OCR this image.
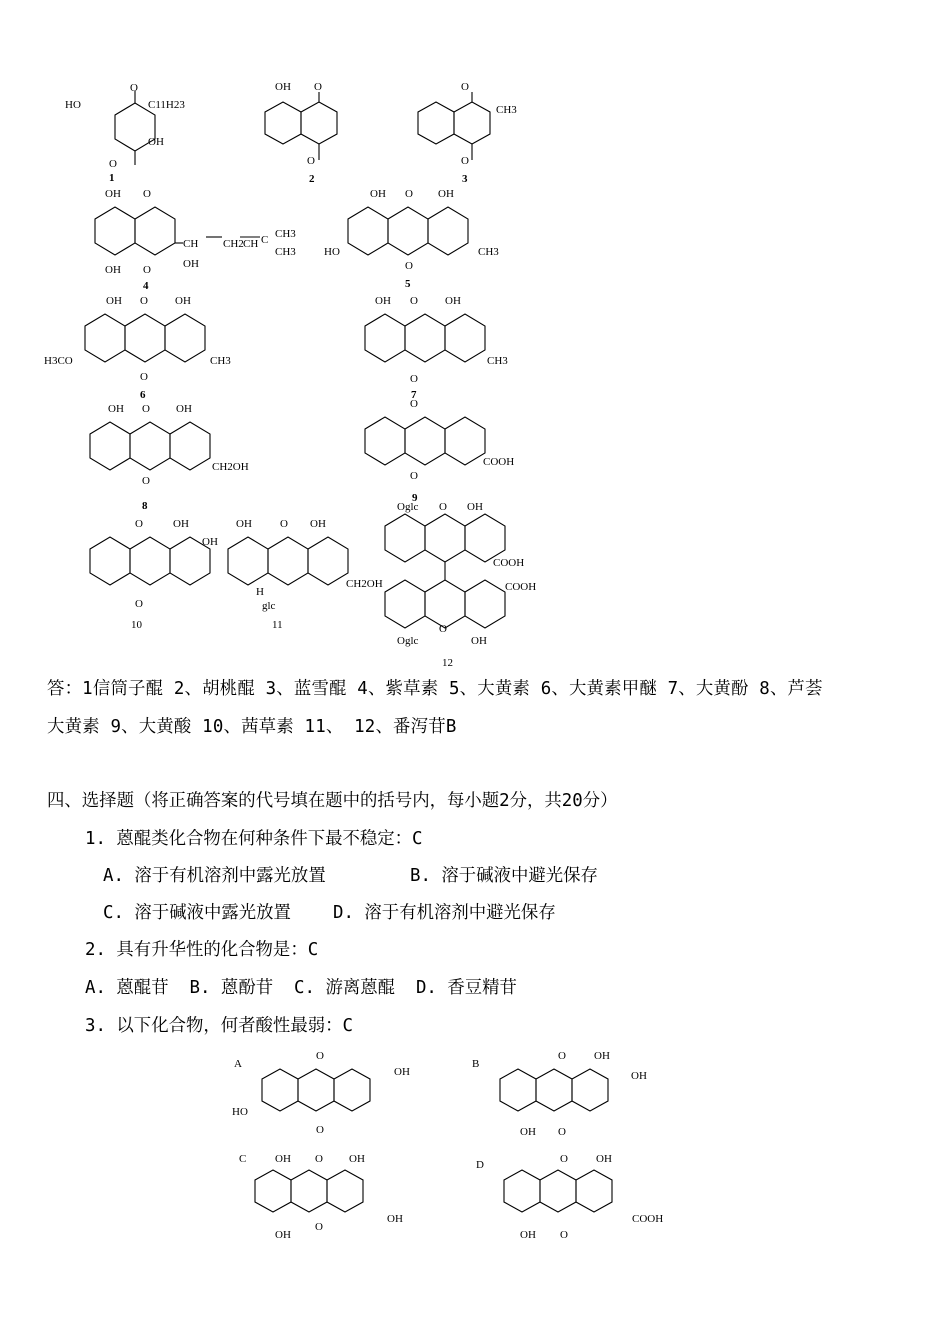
O
HO	C11H23
OH
O
1
OH O
O
2
O
CH3
O
3
OH O
OH O
CH CH2 CH C CH3
CH3
OH
4
OH O OH
HO
O
CH3
5
OH O OH
H3CO
O
CH3
6
OH O OH
O
CH3
7
OH O OH
O
CH2OH
8
O
O
COOH
9
O	OH
OH
O
10
OH	O OH
H
glc
CH2OH
11
Oglc O OH
COOH
COOH
Oglc
O
OH
12
答：1信筒子醌 2、胡桃醌 3、蓝雪醌 4、紫草素 5、大黄素 6、大黄素甲醚 7、大黄酚 8、芦荟
大黄素 9、大黄酸 10、茜草素 11、 12、番泻苷B
四、选择题（将正确答案的代号填在题中的括号内，每小题2分，共20分）
1. 蒽醌类化合物在何种条件下最不稳定：C
A. 溶于有机溶剂中露光放置	B. 溶于碱液中避光保存
C. 溶于碱液中露光放置 D. 溶于有机溶剂中避光保存
2. 具有升华性的化合物是：C
A. 蒽醌苷  B. 蒽酚苷  C. 游离蒽醌  D. 香豆精苷
3. 以下化合物，何者酸性最弱：C
A
O
OH
HO
O
B
O	OH
OH
OH O
C	OH O OH
OH
O
OH
D	O	OH
OH O
COOH
